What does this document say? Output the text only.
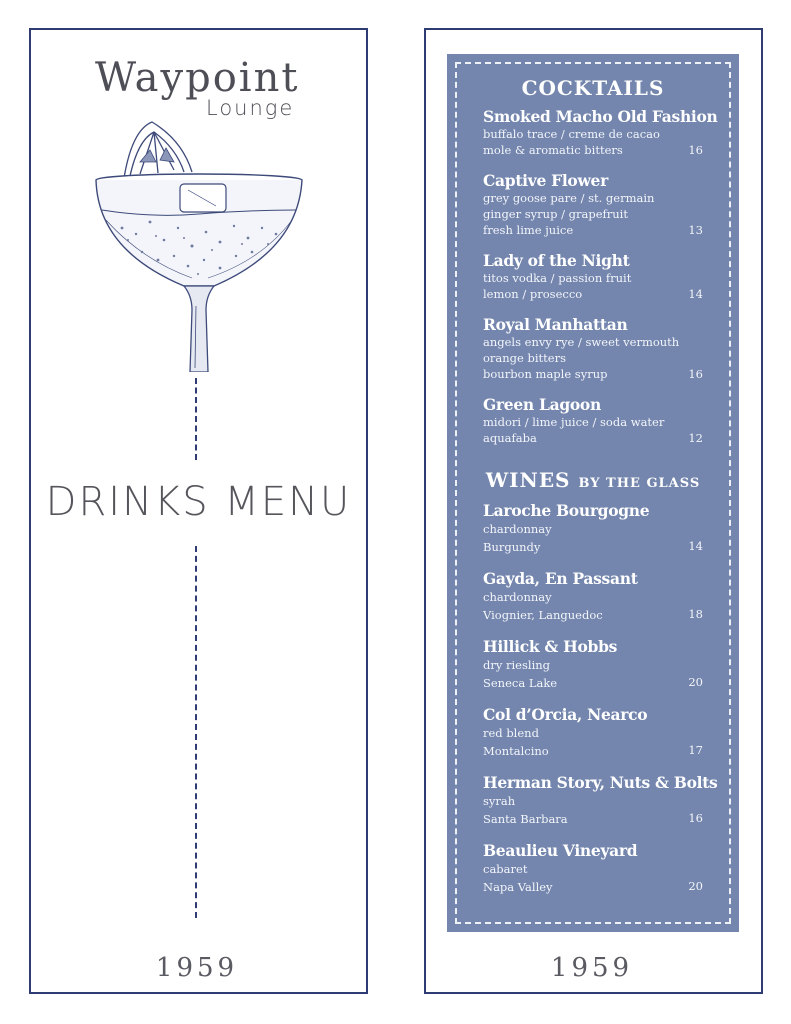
Waypoint
Lounge
DRINKS MENU
1959
COCKTAILS
Smoked Macho Old Fashion
buffalo trace / creme de cacao
mole & aromatic bitters	16
Captive Flower
grey goose pare / st. germain
ginger syrup / grapefruit
fresh lime juice	13
Lady of the Night
titos vodka / passion fruit
lemon / prosecco	14
Royal Manhattan
angels envy rye / sweet vermouth
orange bitters
bourbon maple syrup	16
Green Lagoon
midori / lime juice / soda water
aquafaba	12
WINES BY THE GLASS
Laroche Bourgogne
chardonnay
Burgundy	14
Gayda, En Passant
chardonnay
Viognier, Languedoc	18
Hillick & Hobbs
dry riesling
Seneca Lake	20
Col d’Orcia, Nearco
red blend
Montalcino	17
Herman Story, Nuts & Bolts
syrah
Santa Barbara	16
Beaulieu Vineyard
cabaret
Napa Valley	20
1959
